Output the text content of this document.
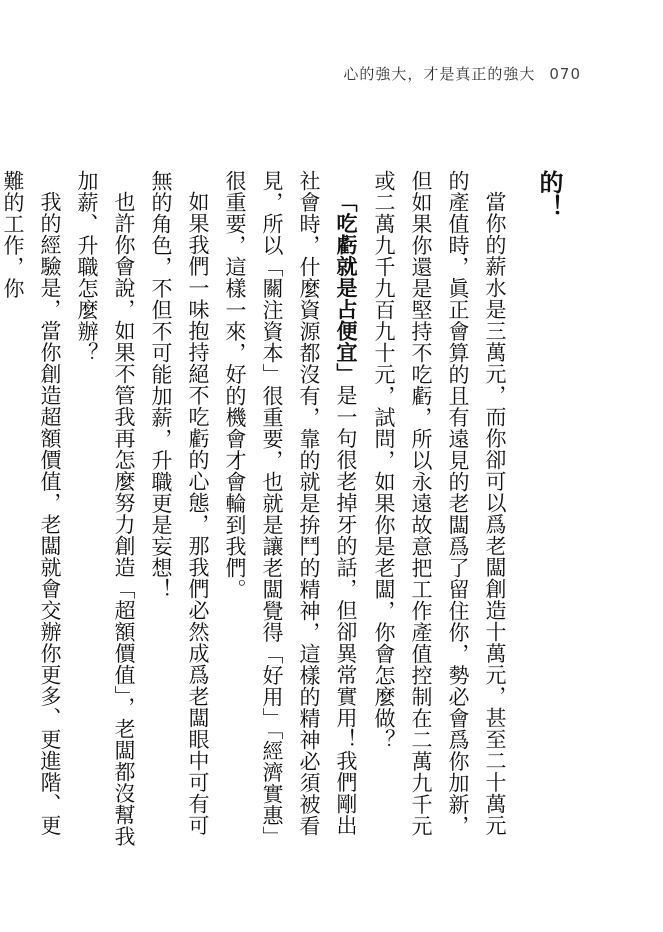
心的強大，才是真正的強大 070

的！

當你的薪水是三萬元，而你卻可以爲老闆創造十萬元，甚至二十萬元的產值時，眞正會算的且有遠見的老闆爲了留住你，勢必會爲你加新，但如果你還是堅持不吃虧，所以永遠故意把工作產值控制在二萬九千元或二萬九千九百九十元，試問，如果你是老闆，你會怎麼做？

「吃虧就是占便宜」是一句很老掉牙的話，但卻異常實用！我們剛出社會時，什麼資源都沒有，靠的就是拚鬥的精神，這樣的精神必須被看見，所以「關注資本」很重要，也就是讓老闆覺得「好用」「經濟實惠」很重要，這樣一來，好的機會才會輪到我們。

如果我們一味抱持絕不吃虧的心態，那我們必然成爲老闆眼中可有可無的角色，不但不可能加薪，升職更是妄想！

也許你會說，如果不管我再怎麼努力創造「超額價值」，老闆都沒幫我加薪、升職怎麼辦？

我的經驗是，當你創造超額價值，老闆就會交辦你更多、更進階、更難的工作，你
